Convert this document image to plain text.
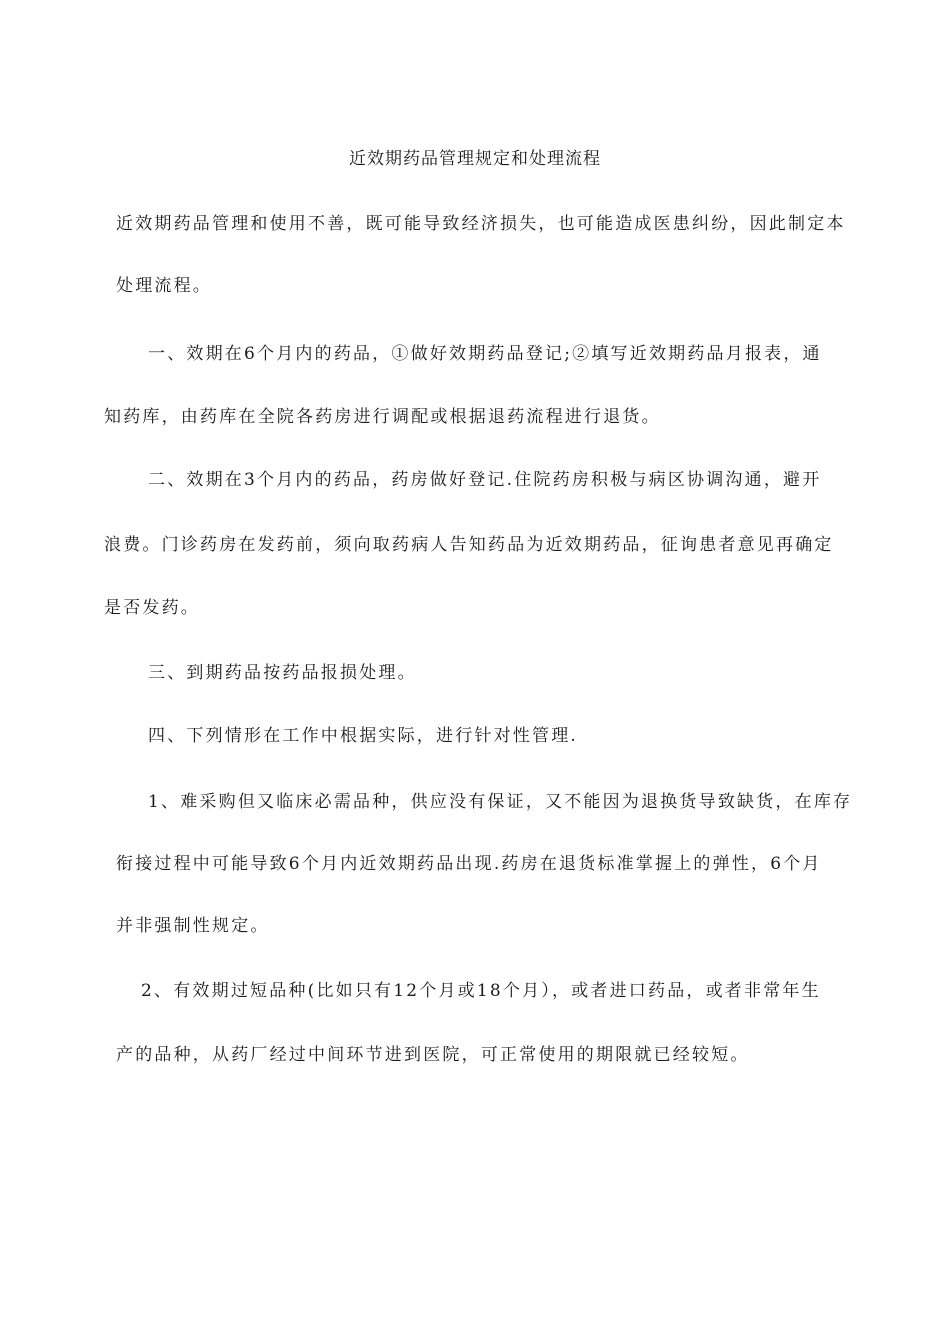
近效期药品管理规定和处理流程
近效期药品管理和使用不善，既可能导致经济损失，也可能造成医患纠纷，因此制定本
处理流程。
一、效期在6个月内的药品，①做好效期药品登记;②填写近效期药品月报表，通
知药库，由药库在全院各药房进行调配或根据退药流程进行退货。
二、效期在3个月内的药品，药房做好登记.住院药房积极与病区协调沟通，避开
浪费。门诊药房在发药前，须向取药病人告知药品为近效期药品，征询患者意见再确定
是否发药。
三、到期药品按药品报损处理。
四、下列情形在工作中根据实际，进行针对性管理.
1、难采购但又临床必需品种，供应没有保证，又不能因为退换货导致缺货，在库存
衔接过程中可能导致6个月内近效期药品出现.药房在退货标准掌握上的弹性，6个月
并非强制性规定。
2、有效期过短品种(比如只有12个月或18个月），或者进口药品，或者非常年生
产的品种，从药厂经过中间环节进到医院，可正常使用的期限就已经较短。
